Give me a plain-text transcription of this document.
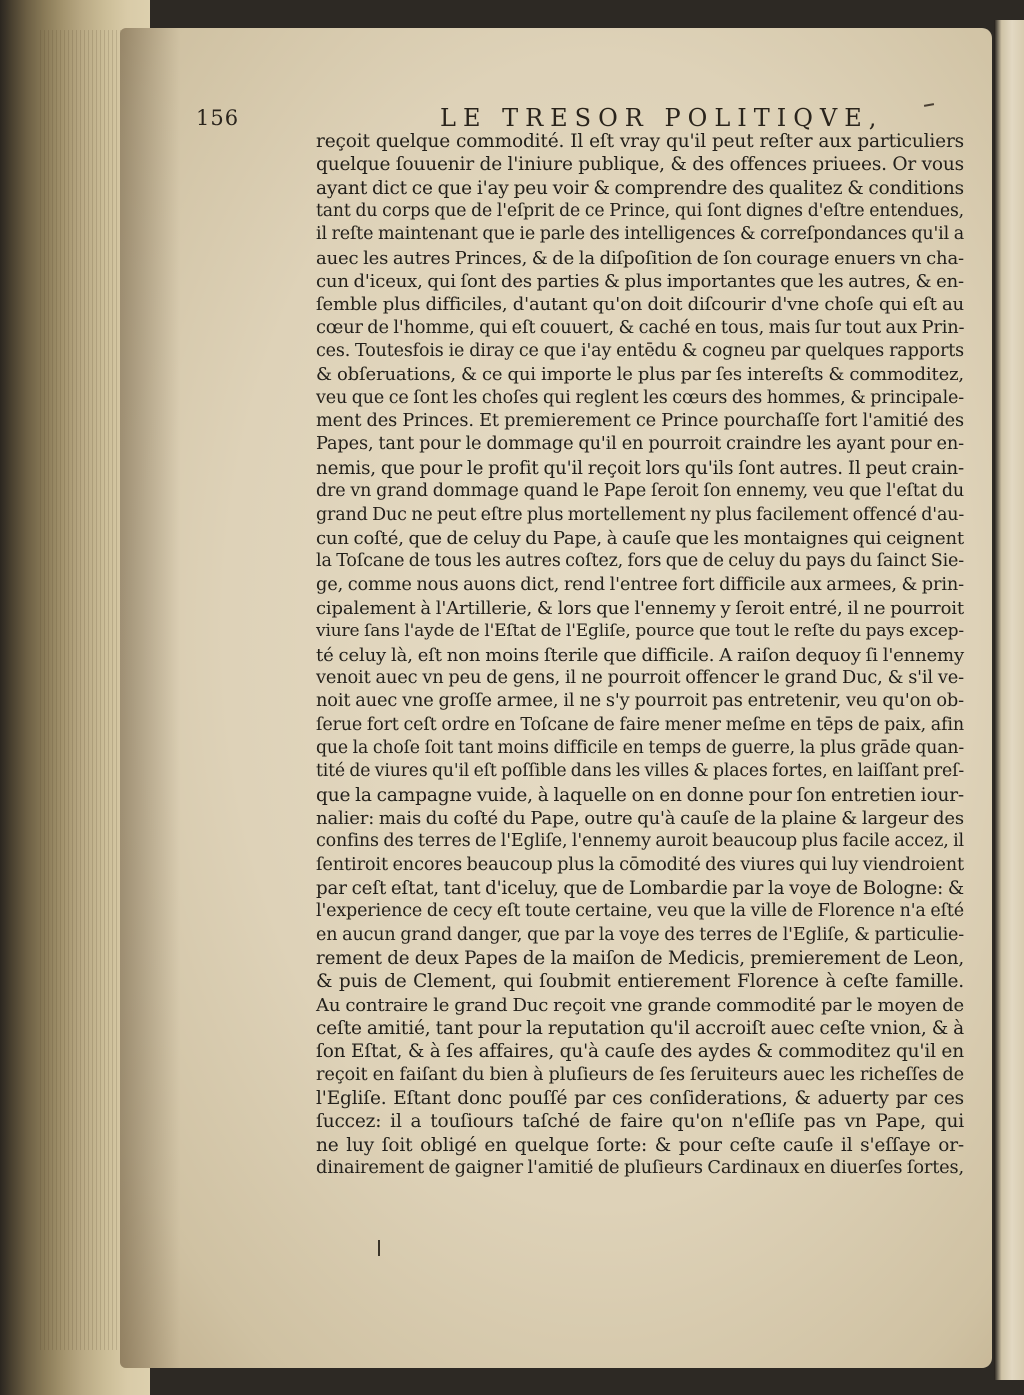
156	LE TRESOR POLITIQVE,
reçoit quelque commodité. Il eſt vray qu'il peut reſter aux particuliers
quelque ſouuenir de l'iniure publique, & des offences priuees. Or vous
ayant dict ce que i'ay peu voir & comprendre des qualitez & conditions
tant du corps que de l'eſprit de ce Prince, qui ſont dignes d'eſtre entendues,
il reſte maintenant que ie parle des intelligences & correſpondances qu'il a
auec les autres Princes, & de la diſpoſition de ſon courage enuers vn cha-
cun d'iceux, qui ſont des parties & plus importantes que les autres, & en-
ſemble plus difficiles, d'autant qu'on doit diſcourir d'vne choſe qui eſt au
cœur de l'homme, qui eſt couuert, & caché en tous, mais ſur tout aux Prin-
ces. Toutesfois ie diray ce que i'ay entēdu & cogneu par quelques rapports
& obſeruations, & ce qui importe le plus par ſes intereſts & commoditez,
veu que ce ſont les choſes qui reglent les cœurs des hommes, & principale-
ment des Princes. Et premierement ce Prince pourchaſſe fort l'amitié des
Papes, tant pour le dommage qu'il en pourroit craindre les ayant pour en-
nemis, que pour le profit qu'il reçoit lors qu'ils ſont autres. Il peut crain-
dre vn grand dommage quand le Pape ſeroit ſon ennemy, veu que l'eſtat du
grand Duc ne peut eſtre plus mortellement ny plus facilement offencé d'au-
cun coſté, que de celuy du Pape, à cauſe que les montaignes qui ceignent
la Toſcane de tous les autres coſtez, fors que de celuy du pays du ſainct Sie-
ge, comme nous auons dict, rend l'entree fort difficile aux armees, & prin-
cipalement à l'Artillerie, & lors que l'ennemy y ſeroit entré, il ne pourroit
viure ſans l'ayde de l'Eſtat de l'Egliſe, pource que tout le reſte du pays excep-
té celuy là, eſt non moins ſterile que difficile. A raiſon dequoy ſi l'ennemy
venoit auec vn peu de gens, il ne pourroit offencer le grand Duc, & s'il ve-
noit auec vne groſſe armee, il ne s'y pourroit pas entretenir, veu qu'on ob-
ſerue fort ceſt ordre en Toſcane de faire mener meſme en tēps de paix, afin
que la choſe ſoit tant moins difficile en temps de guerre, la plus grāde quan-
tité de viures qu'il eſt poſſible dans les villes & places fortes, en laiſſant preſ-
que la campagne vuide, à laquelle on en donne pour ſon entretien iour-
nalier: mais du coſté du Pape, outre qu'à cauſe de la plaine & largeur des
confins des terres de l'Egliſe, l'ennemy auroit beaucoup plus facile accez, il
ſentiroit encores beaucoup plus la cōmodité des viures qui luy viendroient
par ceſt eſtat, tant d'iceluy, que de Lombardie par la voye de Bologne: &
l'experience de cecy eſt toute certaine, veu que la ville de Florence n'a eſté
en aucun grand danger, que par la voye des terres de l'Egliſe, & particulie-
rement de deux Papes de la maiſon de Medicis, premierement de Leon,
& puis de Clement, qui ſoubmit entierement Florence à ceſte famille.
Au contraire le grand Duc reçoit vne grande commodité par le moyen de
ceſte amitié, tant pour la reputation qu'il accroiſt auec ceſte vnion, & à
ſon Eſtat, & à ſes affaires, qu'à cauſe des aydes & commoditez qu'il en
reçoit en faiſant du bien à pluſieurs de ſes ſeruiteurs auec les richeſſes de
l'Egliſe. Eſtant donc pouſſé par ces conſiderations, & aduerty par ces
ſuccez: il a touſiours taſché de faire qu'on n'eſliſe pas vn Pape, qui
ne luy ſoit obligé en quelque ſorte: & pour ceſte cauſe il s'eſſaye or-
dinairement de gaigner l'amitié de pluſieurs Cardinaux en diuerſes ſortes,
